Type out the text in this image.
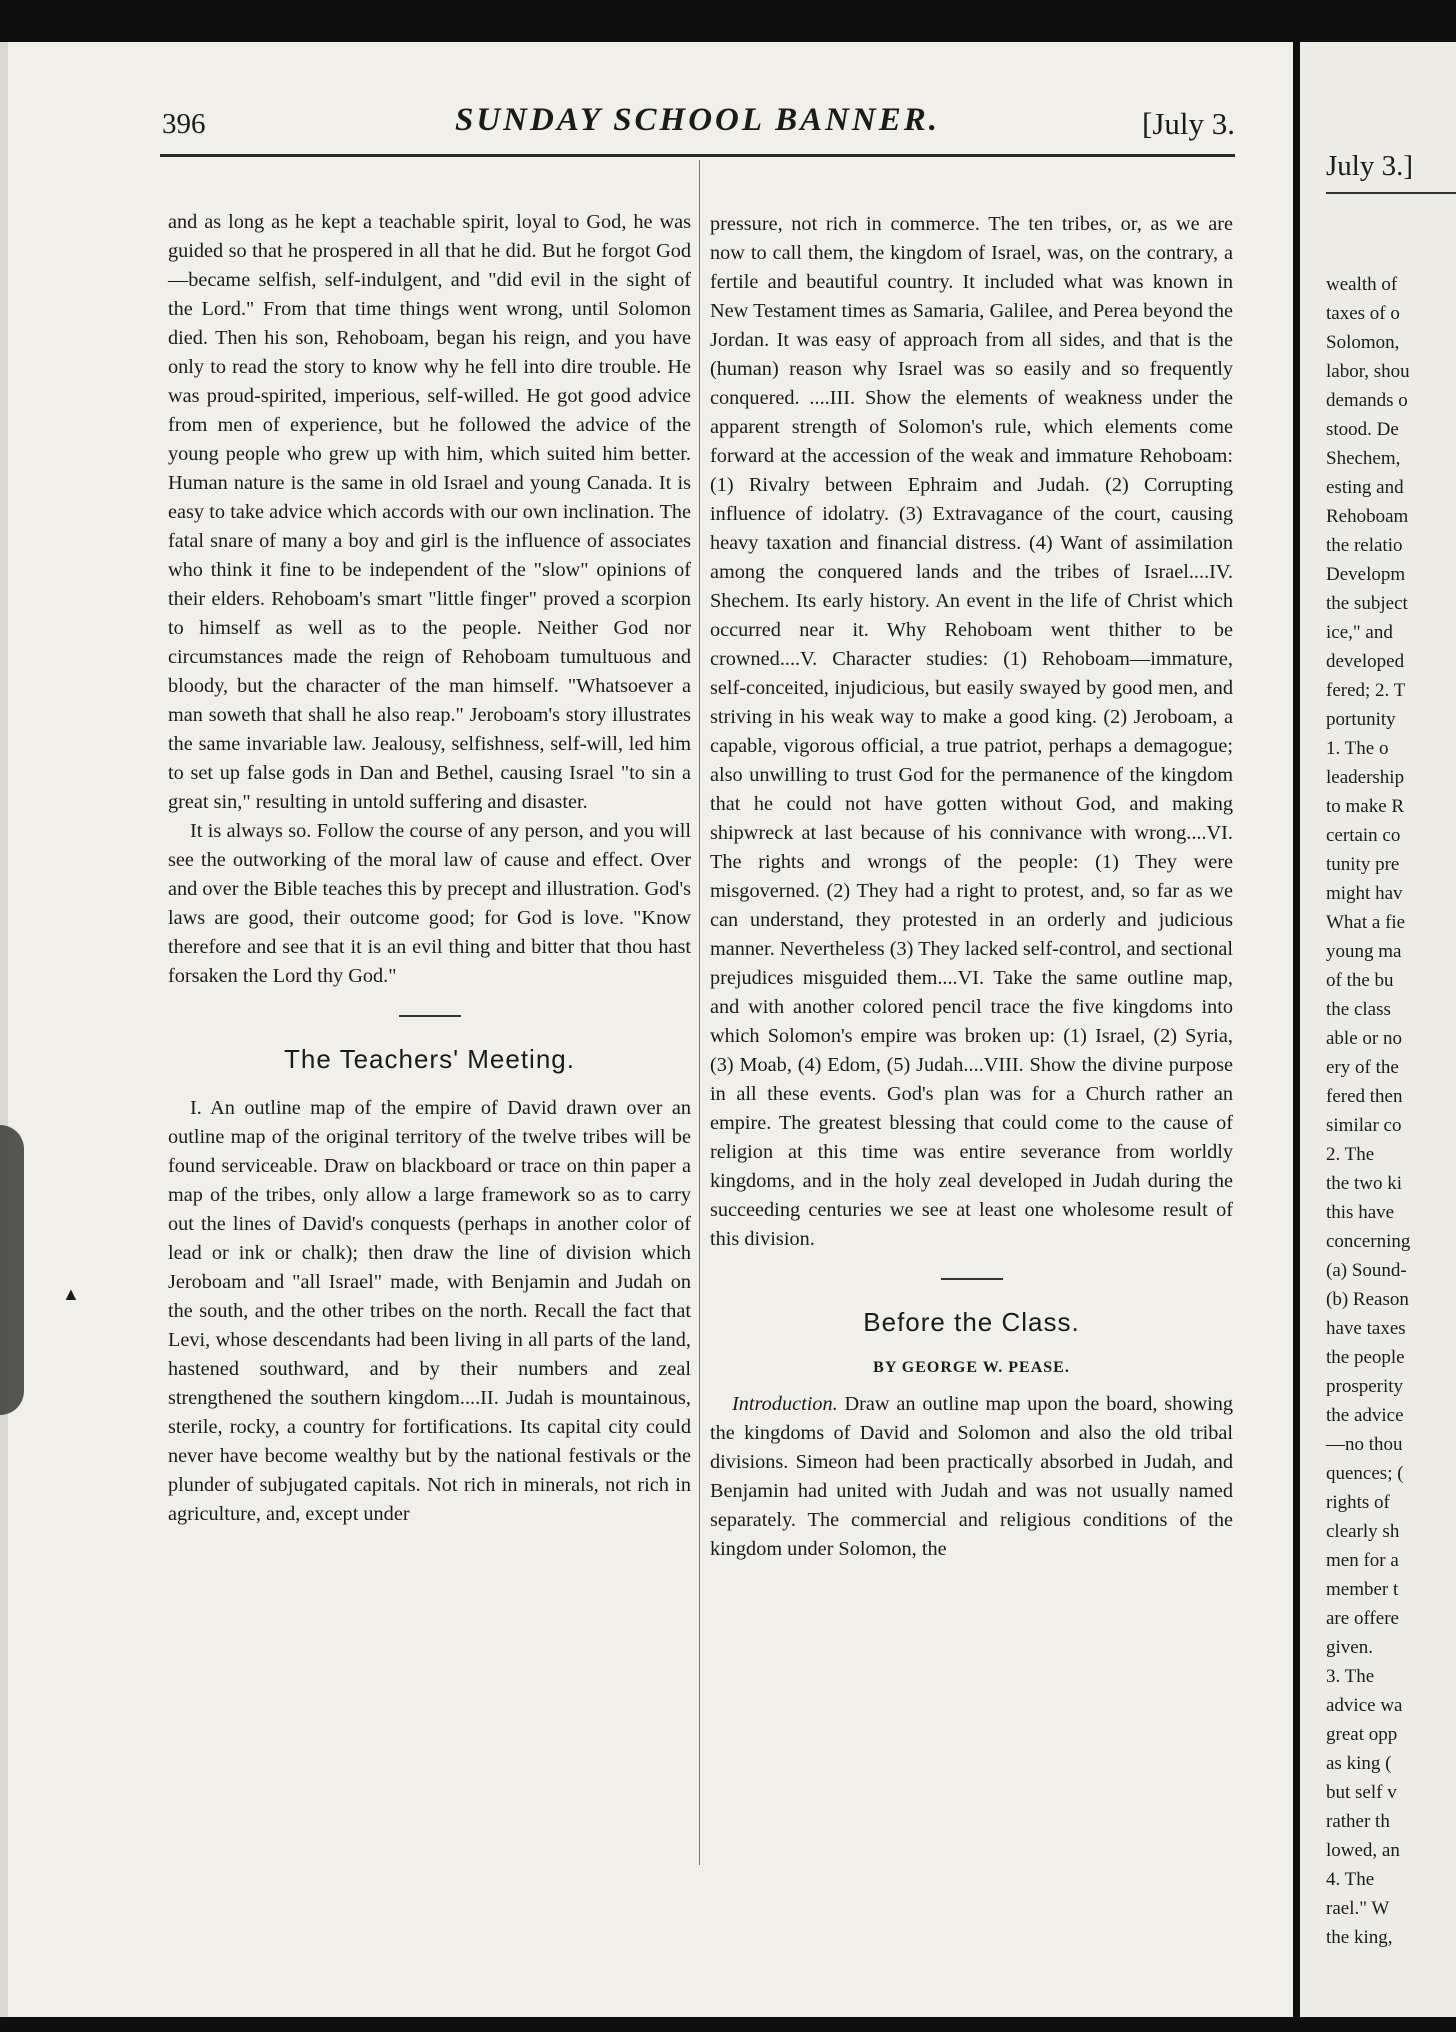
▲
396	SUNDAY SCHOOL BANNER.	[July 3.

and as long as he kept a teachable spirit, loyal to God, he was guided so that he prospered in all that he did. But he forgot God—became selfish, self-indulgent, and "did evil in the sight of the Lord." From that time things went wrong, until Solomon died. Then his son, Rehoboam, began his reign, and you have only to read the story to know why he fell into dire trouble. He was proud-spirited, imperious, self-willed. He got good advice from men of experience, but he followed the advice of the young people who grew up with him, which suited him better. Human nature is the same in old Israel and young Canada. It is easy to take advice which accords with our own inclination. The fatal snare of many a boy and girl is the influence of associates who think it fine to be independent of the "slow" opinions of their elders. Rehoboam's smart "little finger" proved a scorpion to himself as well as to the people. Neither God nor circumstances made the reign of Rehoboam tumultuous and bloody, but the character of the man himself. "Whatsoever a man soweth that shall he also reap." Jeroboam's story illustrates the same invariable law. Jealousy, selfishness, self-will, led him to set up false gods in Dan and Bethel, causing Israel "to sin a great sin," resulting in untold suffering and disaster.

It is always so. Follow the course of any person, and you will see the outworking of the moral law of cause and effect. Over and over the Bible teaches this by precept and illustration. God's laws are good, their outcome good; for God is love. "Know therefore and see that it is an evil thing and bitter that thou hast forsaken the Lord thy God."

The Teachers' Meeting.

I. An outline map of the empire of David drawn over an outline map of the original territory of the twelve tribes will be found serviceable. Draw on blackboard or trace on thin paper a map of the tribes, only allow a large framework so as to carry out the lines of David's conquests (perhaps in another color of lead or ink or chalk); then draw the line of division which Jeroboam and "all Israel" made, with Benjamin and Judah on the south, and the other tribes on the north. Recall the fact that Levi, whose descendants had been living in all parts of the land, hastened southward, and by their numbers and zeal strengthened the southern kingdom....II. Judah is mountainous, sterile, rocky, a country for fortifications. Its capital city could never have become wealthy but by the national festivals or the plunder of subjugated capitals. Not rich in minerals, not rich in agriculture, and, except under

pressure, not rich in commerce. The ten tribes, or, as we are now to call them, the kingdom of Israel, was, on the contrary, a fertile and beautiful country. It included what was known in New Testament times as Samaria, Galilee, and Perea beyond the Jordan. It was easy of approach from all sides, and that is the (human) reason why Israel was so easily and so frequently conquered. ....III. Show the elements of weakness under the apparent strength of Solomon's rule, which elements come forward at the accession of the weak and immature Rehoboam: (1) Rivalry between Ephraim and Judah. (2) Corrupting influence of idolatry. (3) Extravagance of the court, causing heavy taxation and financial distress. (4) Want of assimilation among the conquered lands and the tribes of Israel....IV. Shechem. Its early history. An event in the life of Christ which occurred near it. Why Rehoboam went thither to be crowned....V. Character studies: (1) Rehoboam—immature, self-conceited, injudicious, but easily swayed by good men, and striving in his weak way to make a good king. (2) Jeroboam, a capable, vigorous official, a true patriot, perhaps a demagogue; also unwilling to trust God for the permanence of the kingdom that he could not have gotten without God, and making shipwreck at last because of his connivance with wrong....VI. The rights and wrongs of the people: (1) They were misgoverned. (2) They had a right to protest, and, so far as we can understand, they protested in an orderly and judicious manner. Nevertheless (3) They lacked self-control, and sectional prejudices misguided them....VI. Take the same outline map, and with another colored pencil trace the five kingdoms into which Solomon's empire was broken up: (1) Israel, (2) Syria, (3) Moab, (4) Edom, (5) Judah....VIII. Show the divine purpose in all these events. God's plan was for a Church rather an empire. The greatest blessing that could come to the cause of religion at this time was entire severance from worldly kingdoms, and in the holy zeal developed in Judah during the succeeding centuries we see at least one wholesome result of this division.

Before the Class.
BY GEORGE W. PEASE.

Introduction. Draw an outline map upon the board, showing the kingdoms of David and Solomon and also the old tribal divisions. Simeon had been practically absorbed in Judah, and Benjamin had united with Judah and was not usually named separately. The commercial and religious conditions of the kingdom under Solomon, the

July 3.]
wealth of
taxes of o
Solomon,
labor, shou
demands o
stood. De
Shechem,
esting and
Rehoboam
the relatio
Developm
the subject
ice," and
developed
fered; 2. T
portunity
1. The o
leadership
to make R
certain co
tunity pre
might hav
What a fie
young ma
of the bu
the class
able or no
ery of the
fered then
similar co
2. The
the two ki
this have
concerning
(a) Sound-
(b) Reason
have taxes
the people
prosperity
the advice
—no thou
quences; (
rights of
clearly sh
men for a
member t
are offere
given.
3. The
advice wa
great opp
as king (
but self v
rather th
lowed, an
4. The
rael." W
the king,
